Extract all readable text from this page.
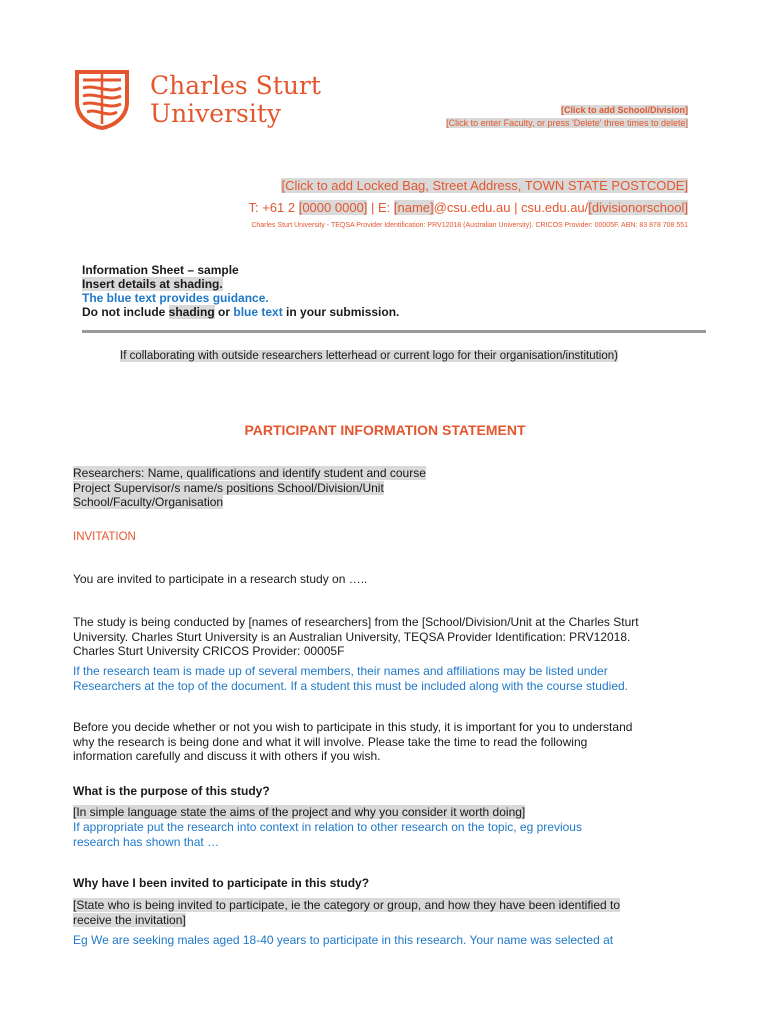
Charles Sturt
University	[Click to add School/Division]
[Click to enter Faculty, or press 'Delete' three times to delete]
[Click to add Locked Bag, Street Address, TOWN STATE POSTCODE]
T: +61 2 [0000 0000] | E: [name]@csu.edu.au | csu.edu.au/[divisionorschool]
Charles Sturt University - TEQSA Provider Identification: PRV12018 (Australian University). CRICOS Provider: 00005F. ABN: 83 878 708 551
Information Sheet – sample
Insert details at shading.
The blue text provides guidance.
Do not include shading or blue text in your submission.
If collaborating with outside researchers letterhead or current logo for their organisation/institution)
PARTICIPANT INFORMATION STATEMENT
Researchers: Name, qualifications and identify student and course
Project Supervisor/s name/s positions School/Division/Unit
School/Faculty/Organisation
INVITATION
You are invited to participate in a research study on …..
The study is being conducted by [names of researchers] from the [School/Division/Unit at the Charles Sturt
University. Charles Sturt University is an Australian University, TEQSA Provider Identification: PRV12018.
Charles Sturt University CRICOS Provider: 00005F
If the research team is made up of several members, their names and affiliations may be listed under
Researchers at the top of the document. If a student this must be included along with the course studied.
Before you decide whether or not you wish to participate in this study, it is important for you to understand
why the research is being done and what it will involve. Please take the time to read the following
information carefully and discuss it with others if you wish.
What is the purpose of this study?
[In simple language state the aims of the project and why you consider it worth doing]
If appropriate put the research into context in relation to other research on the topic, eg previous
research has shown that …
Why have I been invited to participate in this study?
[State who is being invited to participate, ie the category or group, and how they have been identified to
receive the invitation]
Eg We are seeking males aged 18-40 years to participate in this research. Your name was selected at
